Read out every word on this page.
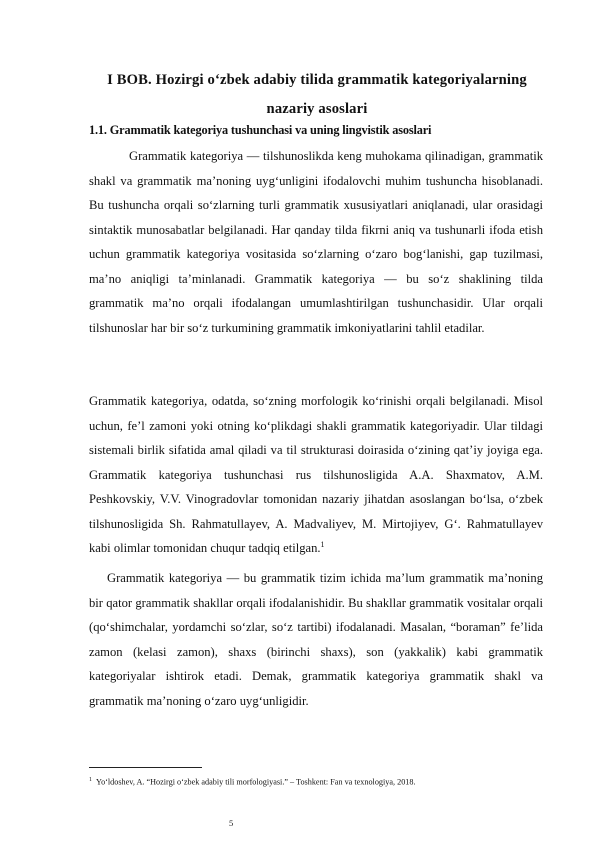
I BOB. Hozirgi o‘zbek adabiy tilida grammatik kategoriyalarning nazariy asoslari
1.1. Grammatik kategoriya tushunchasi va uning lingvistik asoslari

Grammatik kategoriya — tilshunoslikda keng muhokama qilinadigan, grammatik shakl va grammatik ma’noning uyg‘unligini ifodalovchi muhim tushuncha hisoblanadi. Bu tushuncha orqali so‘zlarning turli grammatik xususiyatlari aniqlanadi, ular orasidagi sintaktik munosabatlar belgilanadi. Har qanday tilda fikrni aniq va tushunarli ifoda etish uchun grammatik kategoriya vositasida so‘zlarning o‘zaro bog‘lanishi, gap tuzilmasi, ma’no aniqligi ta’minlanadi. Grammatik kategoriya — bu so‘z shaklining tilda grammatik ma’no orqali ifodalangan umumlashtirilgan tushunchasidir. Ular orqali tilshunoslar har bir so‘z turkumining grammatik imkoniyatlarini tahlil etadilar.

Grammatik kategoriya, odatda, so‘zning morfologik ko‘rinishi orqali belgilanadi. Misol uchun, fe’l zamoni yoki otning ko‘plikdagi shakli grammatik kategoriyadir. Ular tildagi sistemali birlik sifatida amal qiladi va til strukturasi doirasida o‘zining qat’iy joyiga ega. Grammatik kategoriya tushunchasi rus tilshunosligida A.A. Shaxmatov, A.M. Peshkovskiy, V.V. Vinogradovlar tomonidan nazariy jihatdan asoslangan bo‘lsa, o‘zbek tilshunosligida Sh. Rahmatullayev, A. Madvaliyev, M. Mirtojiyev, G‘. Rahmatullayev kabi olimlar tomonidan chuqur tadqiq etilgan.$^1$

Grammatik kategoriya — bu grammatik tizim ichida ma’lum grammatik ma’noning bir qator grammatik shakllar orqali ifodalanishidir. Bu shakllar grammatik vositalar orqali (qo‘shimchalar, yordamchi so‘zlar, so‘z tartibi) ifodalanadi. Masalan, “boraman” fe’lida zamon (kelasi zamon), shaxs (birinchi shaxs), son (yakkalik) kabi grammatik kategoriyalar ishtirok etadi. Demak, grammatik kategoriya grammatik shakl va grammatik ma’noning o‘zaro uyg‘unligidir.

$^1$ Yo‘ldoshev, A. “Hozirgi o‘zbek adabiy tili morfologiyasi.” – Toshkent: Fan va texnologiya, 2018.
5
